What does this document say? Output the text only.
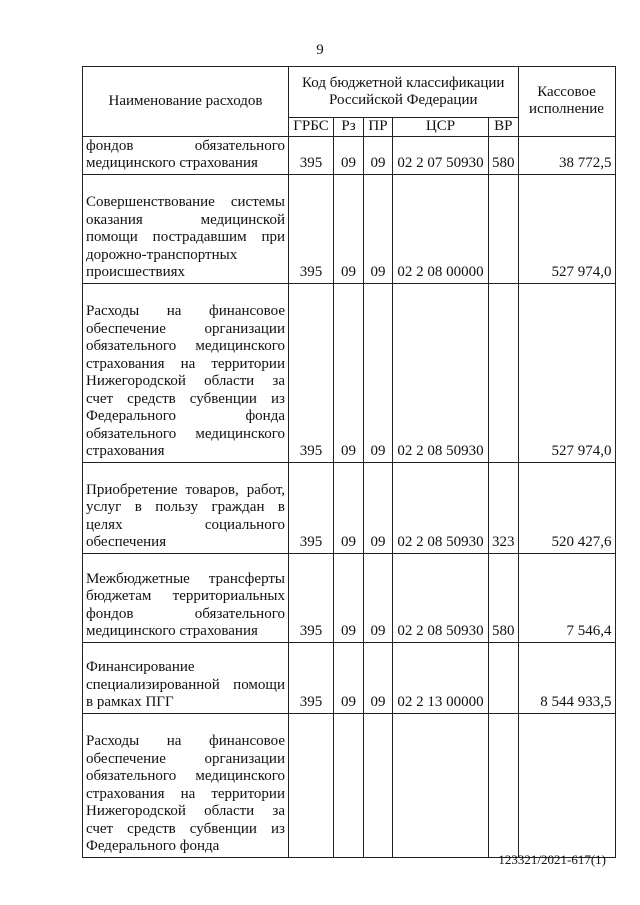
9
Наименование расходов	Код бюджетной классификации Российской Федерации					Кассовое исполнение
	ГРБС	Рз	ПР	ЦСР	ВР	
фондов обязательного медицинского страхования	395	09	09	02 2 07 50930	580	38 772,5
Совершенствование системы оказания медицинской помощи пострадавшим при дорожно-транспортных происшествиях	395	09	09	02 2 08 00000		527 974,0
Расходы на финансовое обеспечение организации обязательного медицинского страхования на территории Нижегородской области за счет средств субвенции из Федерального фонда обязательного медицинского страхования	395	09	09	02 2 08 50930		527 974,0
Приобретение товаров, работ, услуг в пользу граждан в целях социального обеспечения	395	09	09	02 2 08 50930	323	520 427,6
Межбюджетные трансферты бюджетам территориальных фондов обязательного медицинского страхования	395	09	09	02 2 08 50930	580	7 546,4
Финансирование специализированной помощи в рамках ПГГ	395	09	09	02 2 13 00000		8 544 933,5
Расходы на финансовое обеспечение организации обязательного медицинского страхования на территории Нижегородской области за счет средств субвенции из Федерального фонда						
123321/2021-617(1)
